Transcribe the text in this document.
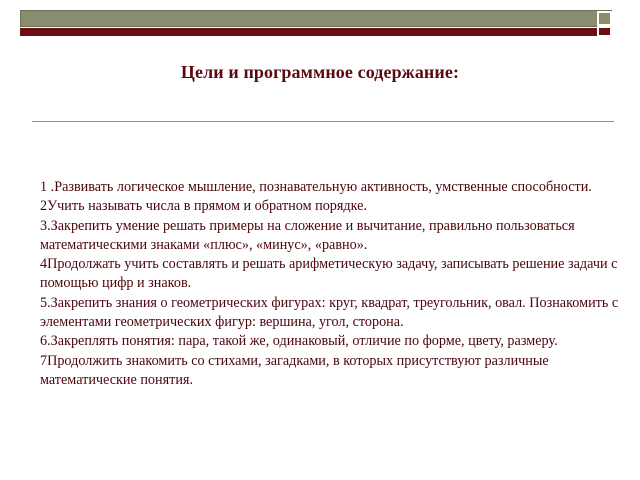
Цели и программное содержание:
1 .Развивать логическое мышление, познавательную активность, умственные способности.
2Учить называть числа в прямом и обратном порядке.
3.Закрепить умение решать примеры на сложение и вычитание, правильно пользоваться математическими знаками «плюс», «минус», «равно».
4Продолжать учить составлять и решать арифметическую задачу, записывать решение задачи с помощью цифр и знаков.
5.Закрепить знания о геометрических фигурах: круг, квадрат, треугольник, овал. Познакомить с элементами геометрических фигур: вершина, угол, сторона.
6.Закреплять понятия: пара, такой же, одинаковый, отличие по форме, цвету, размеру.
7Продолжить знакомить со стихами, загадками, в которых присутствуют различные математические понятия.
